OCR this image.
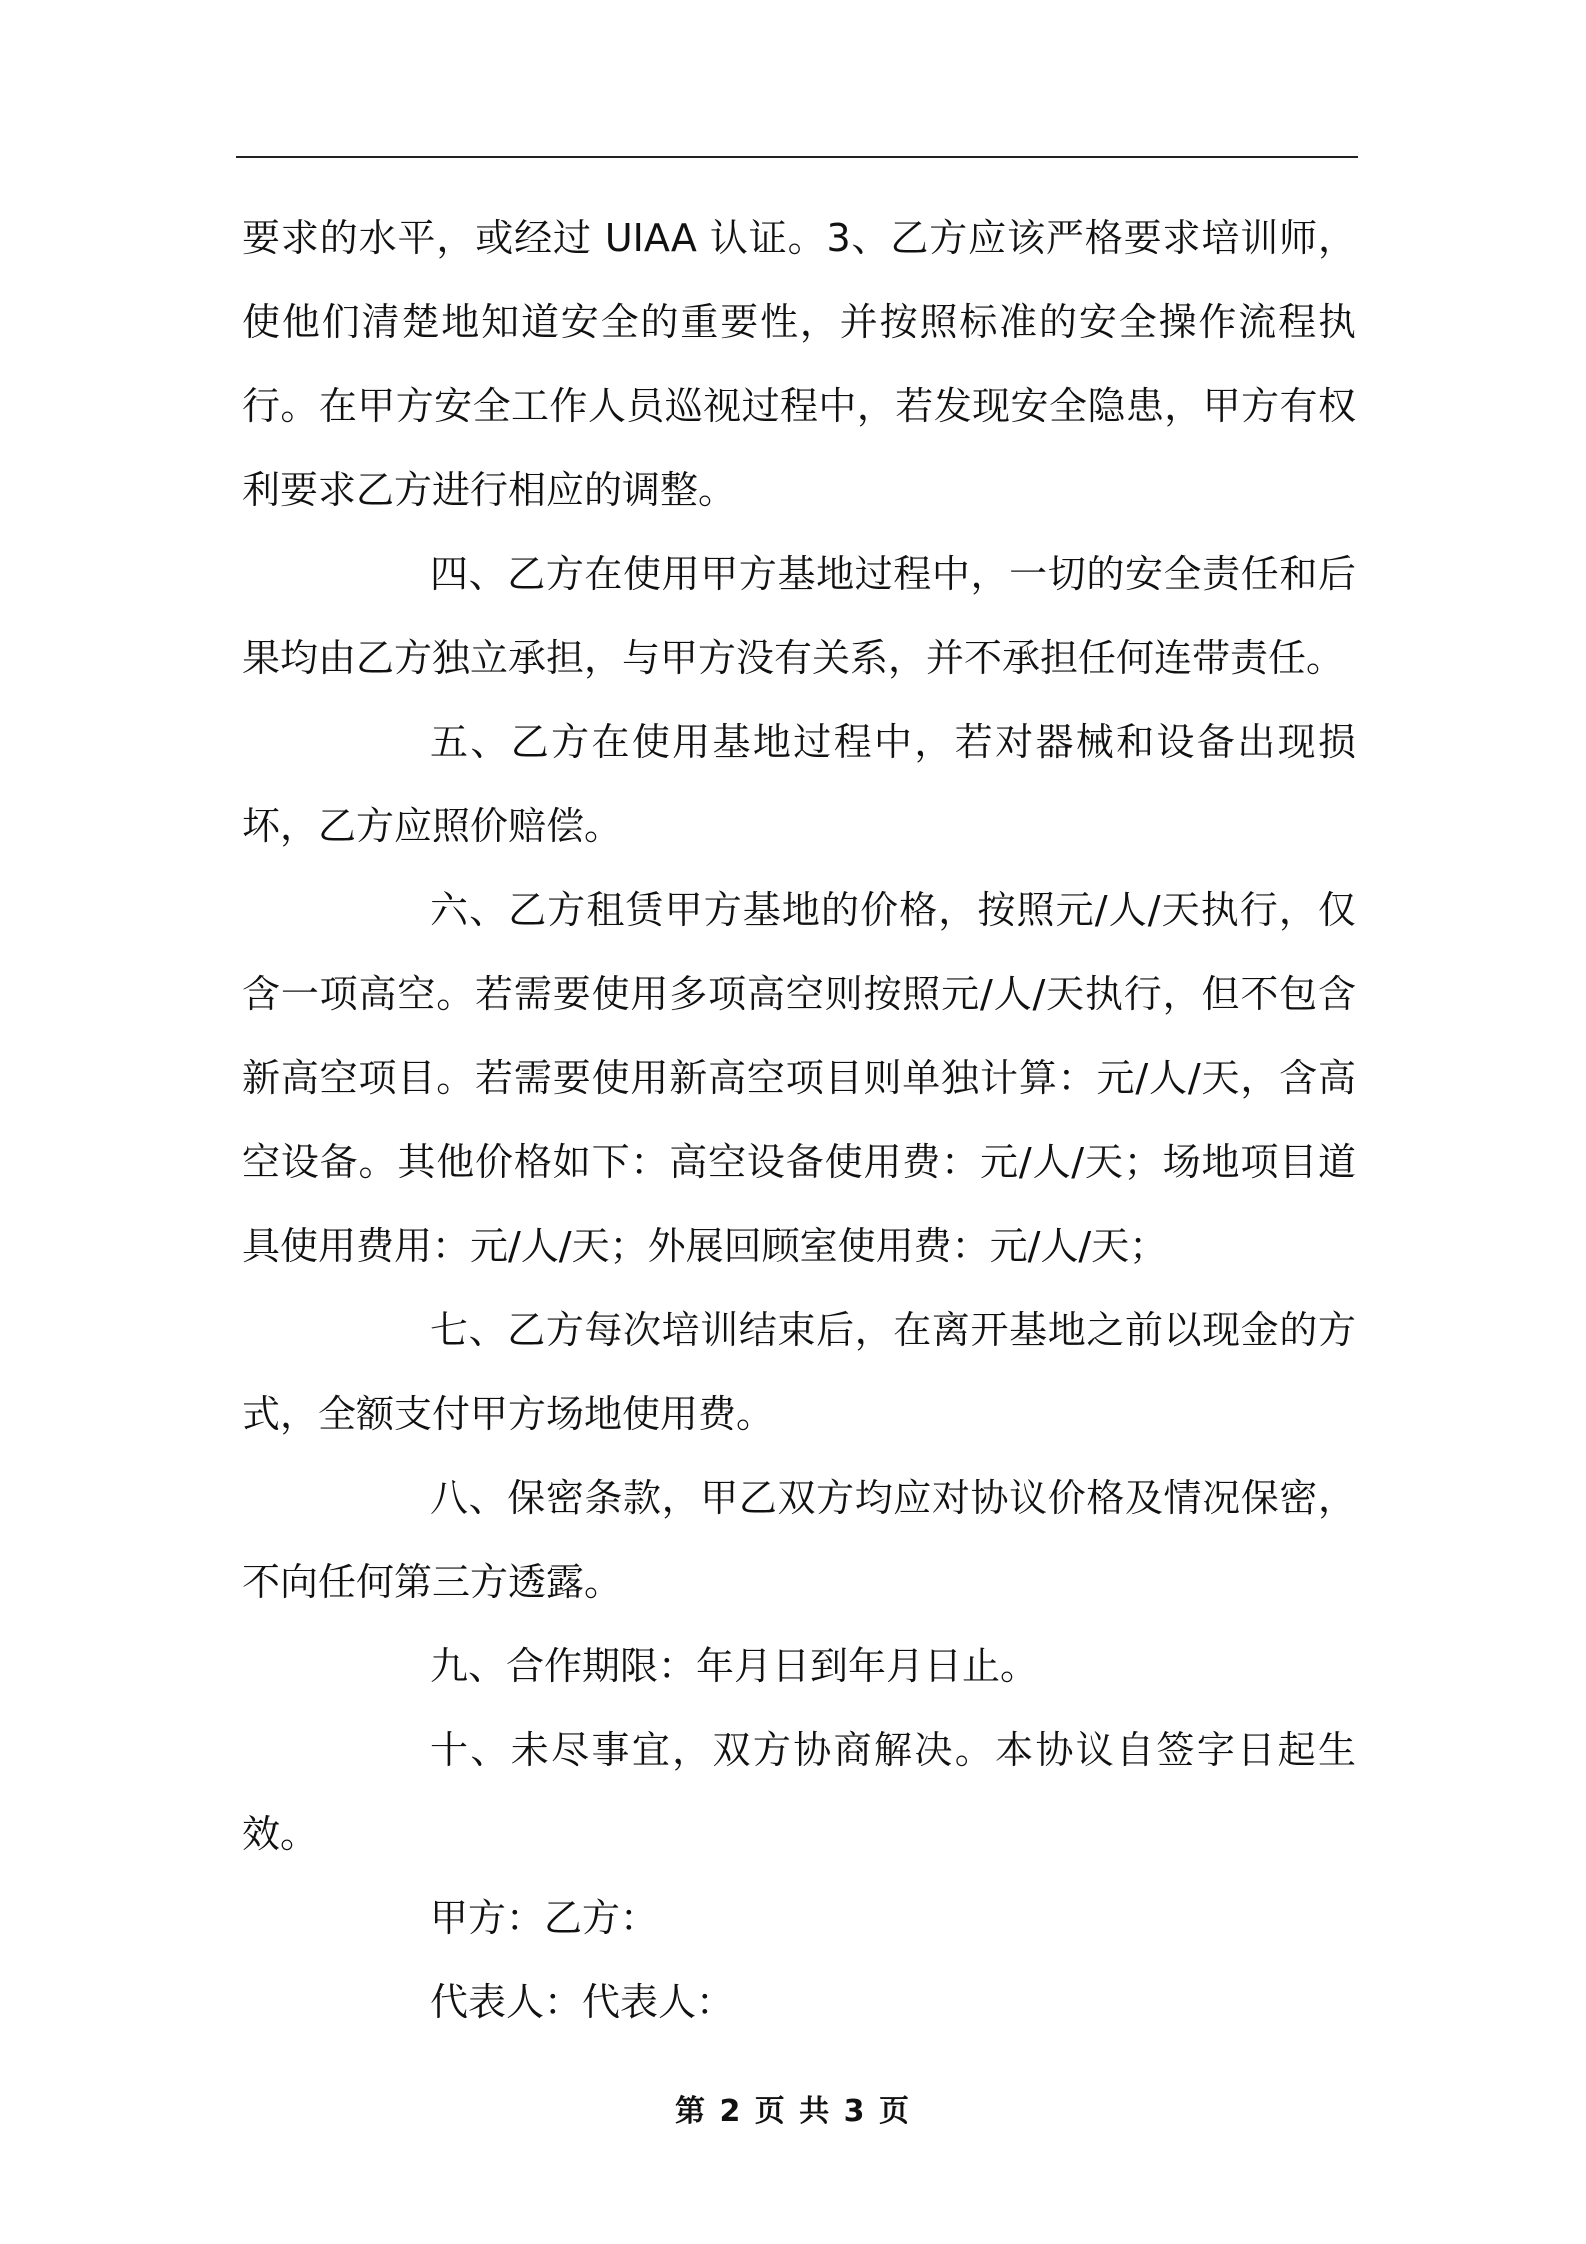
要求的水平，或经过 UIAA 认证。3、乙方应该严格要求培训师，使他们清楚地知道安全的重要性，并按照标准的安全操作流程执行。在甲方安全工作人员巡视过程中，若发现安全隐患，甲方有权利要求乙方进行相应的调整。

四、乙方在使用甲方基地过程中，一切的安全责任和后果均由乙方独立承担，与甲方没有关系，并不承担任何连带责任。

五、乙方在使用基地过程中，若对器械和设备出现损坏，乙方应照价赔偿。

六、乙方租赁甲方基地的价格，按照元/人/天执行，仅含一项高空。若需要使用多项高空则按照元/人/天执行，但不包含新高空项目。若需要使用新高空项目则单独计算：元/人/天，含高空设备。其他价格如下：高空设备使用费：元/人/天；场地项目道具使用费用：元/人/天；外展回顾室使用费：元/人/天；

七、乙方每次培训结束后，在离开基地之前以现金的方式，全额支付甲方场地使用费。

八、保密条款，甲乙双方均应对协议价格及情况保密，不向任何第三方透露。

九、合作期限：年月日到年月日止。

十、未尽事宜，双方协商解决。本协议自签字日起生效。

甲方：乙方：

代表人：代表人：

第 2 页 共 3 页
